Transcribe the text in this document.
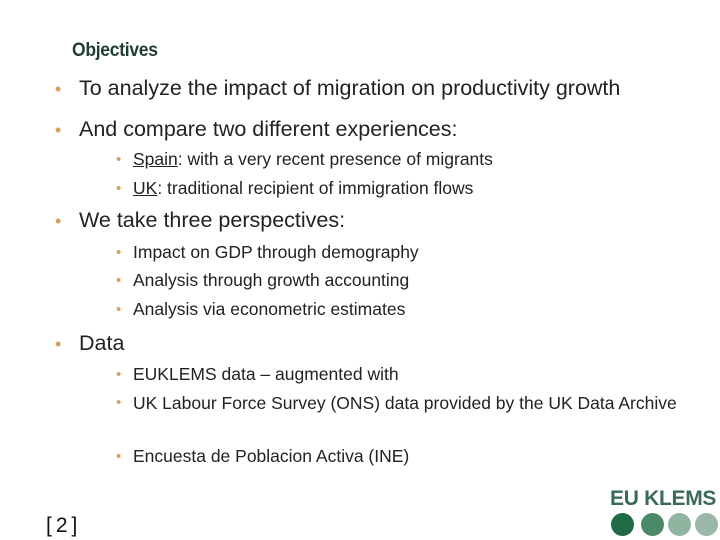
Objectives
• To analyze the impact of migration on productivity growth
• And compare two different experiences:
• Spain: with a very recent presence of migrants
• UK: traditional recipient of immigration flows
• We take three perspectives:
• Impact on GDP through demography
• Analysis through growth accounting
• Analysis via econometric estimates
• Data
• EUKLEMS data – augmented with
• UK Labour Force Survey (ONS) data provided by the UK Data Archive
• Encuesta de Poblacion Activa (INE)
[2]
EU KLEMS
